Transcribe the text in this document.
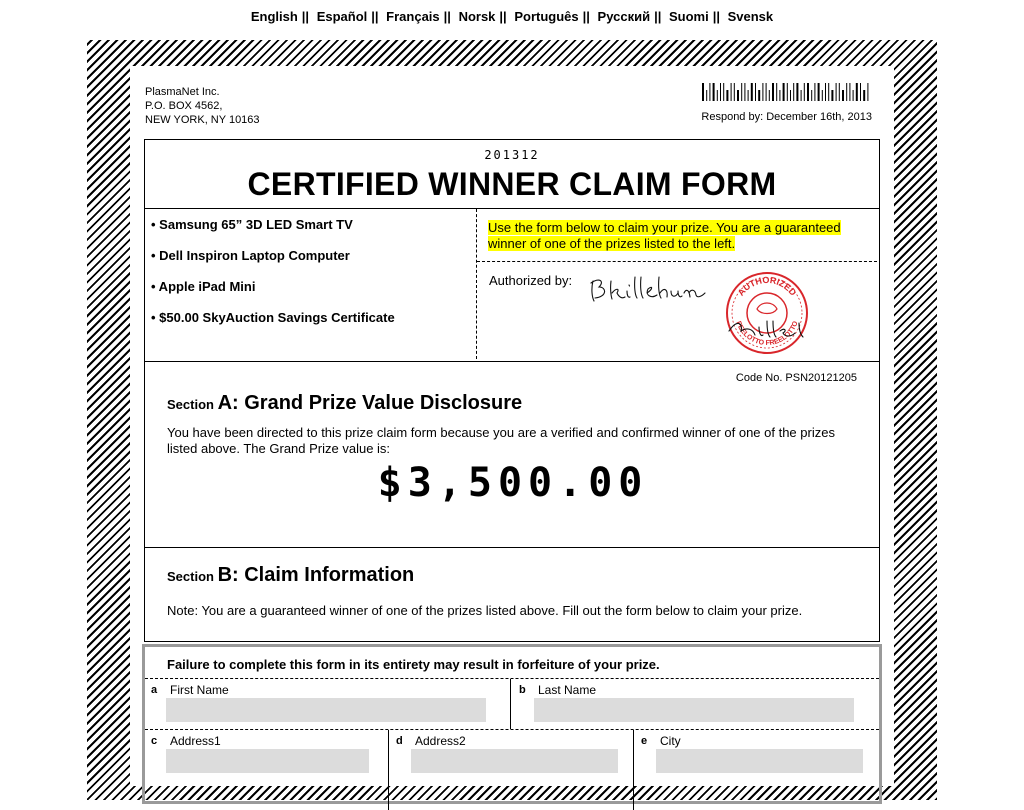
English || Español || Français || Norsk || Português || Русский || Suomi || Svensk
PlasmaNet Inc.
P.O. BOX 4562,
NEW YORK, NY 10163	Respond by: December 16th, 2013
201312
CERTIFIED WINNER CLAIM FORM
• Samsung 65” 3D LED Smart TV
• Dell Inspiron Laptop Computer
• Apple iPad Mini
• $50.00 SkyAuction Savings Certificate
Use the form below to claim your prize. You are a guaranteed winner of one of the prizes listed to the left.
Authorized by:
AUTHORIZED
PEELOTTO FREELOTTO
Code No. PSN20121205
Section A: Grand Prize Value Disclosure
You have been directed to this prize claim form because you are a verified and confirmed winner of one of the prizes listed above. The Grand Prize value is:
$3,500.00
Section B: Claim Information
Note: You are a guaranteed winner of one of the prizes listed above. Fill out the form below to claim your prize.
Failure to complete this form in its entirety may result in forfeiture of your prize.
a First Name	b Last Name
c Address1	d Address2	e City
